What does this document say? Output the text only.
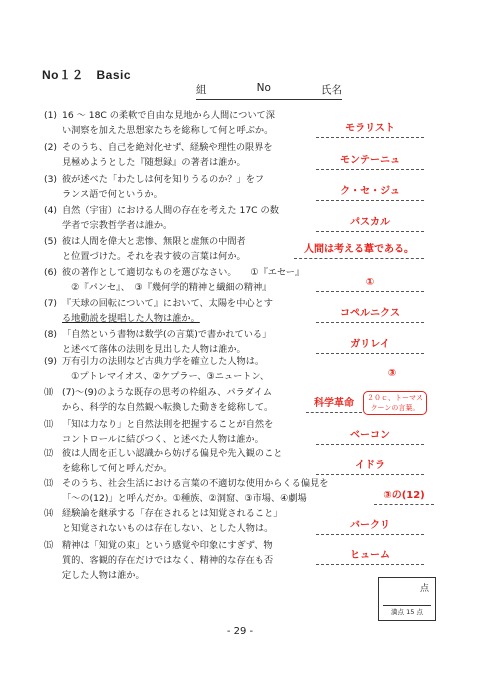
No１２　Basic
組	No	氏名
(1) 16 ～ 18C の柔軟で自由な見地から人間について深
い洞察を加えた思想家たちを総称して何と呼ぶか。	モラリスト
(2) そのうち、自己を絶対化せず、経験や理性の限界を
見極めようとした『随想録』の著者は誰か。	モンテーニュ
(3) 彼が述べた「わたしは何を知りうるのか？」をフ
ランス語で何というか。	ク・セ・ジュ
(4) 自然（宇宙）における人間の存在を考えた 17C の数
学者で宗教哲学者は誰か。	パスカル
(5) 彼は人間を偉大と悲惨、無限と虚無の中間者
と位置づけた。それを表す彼の言葉は何か。
人間は考える葦である。
(6) 彼の著作として適切なものを選びなさい。　　①『エセー』
　②『パンセ』、　③『幾何学的精神と繊細の精神』	①
(7) 『天球の回転について』において、太陽を中心とす
る地動説を提唱した人物は誰か。	コペルニクス
(8) 「自然という書物は数学(の言葉)で書かれている」
と述べて落体の法則を見出した人物は誰か。	ガリレイ
(9) 万有引力の法則など古典力学を確立した人物は。
　①プトレマイオス、②ケプラー、③ニュートン、	③
⑽ (7)～(9)のような既存の思考の枠組み、パラダイム
から、科学的な自然観へ転換した動きを総称して。	科学革命	２０ｃ、トーマス
クーンの言葉。
⑾ 「知は力なり」と自然法則を把握することが自然を
コントロールに結びつく、と述べた人物は誰か。	ベーコン
⑿ 彼は人間を正しい認識から妨げる偏見や先入観のこと
を総称して何と呼んだか。	イドラ
⒀ そのうち、社会生活における言葉の不適切な使用からくる偏見を
「～の(12)」と呼んだか。①種族、②洞窟、③市場、④劇場	③の(12)
⒁ 経験論を継承する「存在されるとは知覚されること」
と知覚されないものは存在しない、とした人物は。	バークリ
⒂ 精神は「知覚の束」という感覚や印象にすぎず、物
質的、客観的存在だけではなく、精神的な存在も否
定した人物は誰か。
ヒューム
点
満点 15 点
- 29 -
